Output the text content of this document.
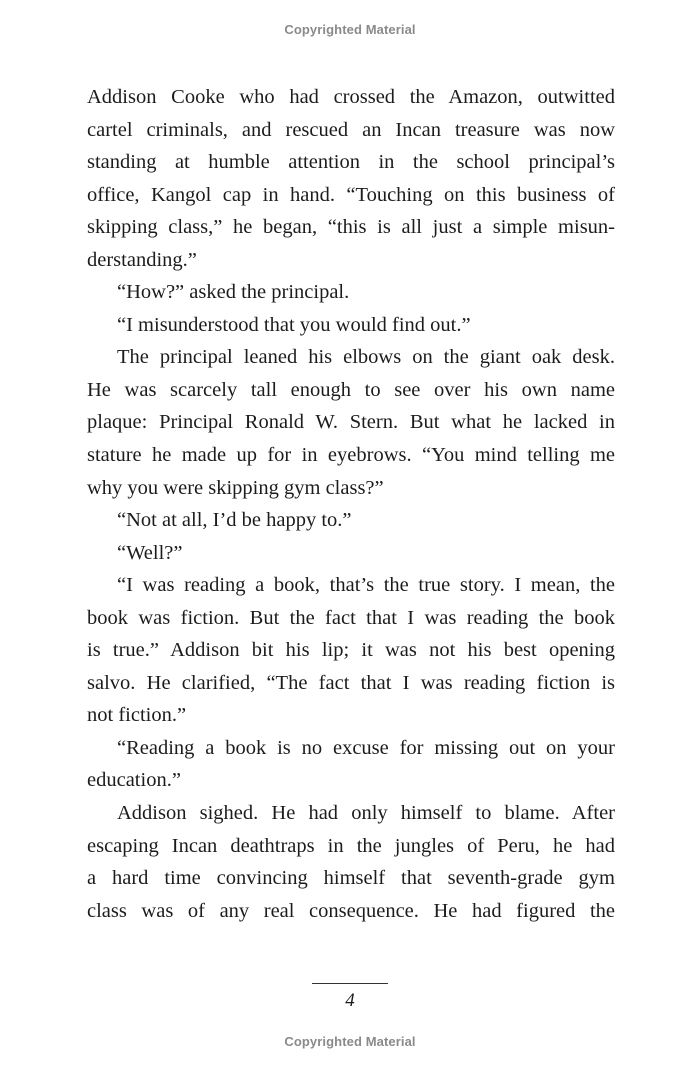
Copyrighted Material
Addison Cooke who had crossed the Amazon, outwitted
cartel criminals, and rescued an Incan treasure was now
standing at humble attention in the school principal’s
office, Kangol cap in hand. “Touching on this business of
skipping class,” he began, “this is all just a simple misun-
derstanding.”
“How?” asked the principal.
“I misunderstood that you would find out.”
The principal leaned his elbows on the giant oak desk.
He was scarcely tall enough to see over his own name
plaque: Principal Ronald W. Stern. But what he lacked in
stature he made up for in eyebrows. “You mind telling me
why you were skipping gym class?”
“Not at all, I’d be happy to.”
“Well?”
“I was reading a book, that’s the true story. I mean, the
book was fiction. But the fact that I was reading the book
is true.” Addison bit his lip; it was not his best opening
salvo. He clarified, “The fact that I was reading fiction is
not fiction.”
“Reading a book is no excuse for missing out on your
education.”
Addison sighed. He had only himself to blame. After
escaping Incan deathtraps in the jungles of Peru, he had
a hard time convincing himself that seventh-grade gym
class was of any real consequence. He had figured the
4
Copyrighted Material
